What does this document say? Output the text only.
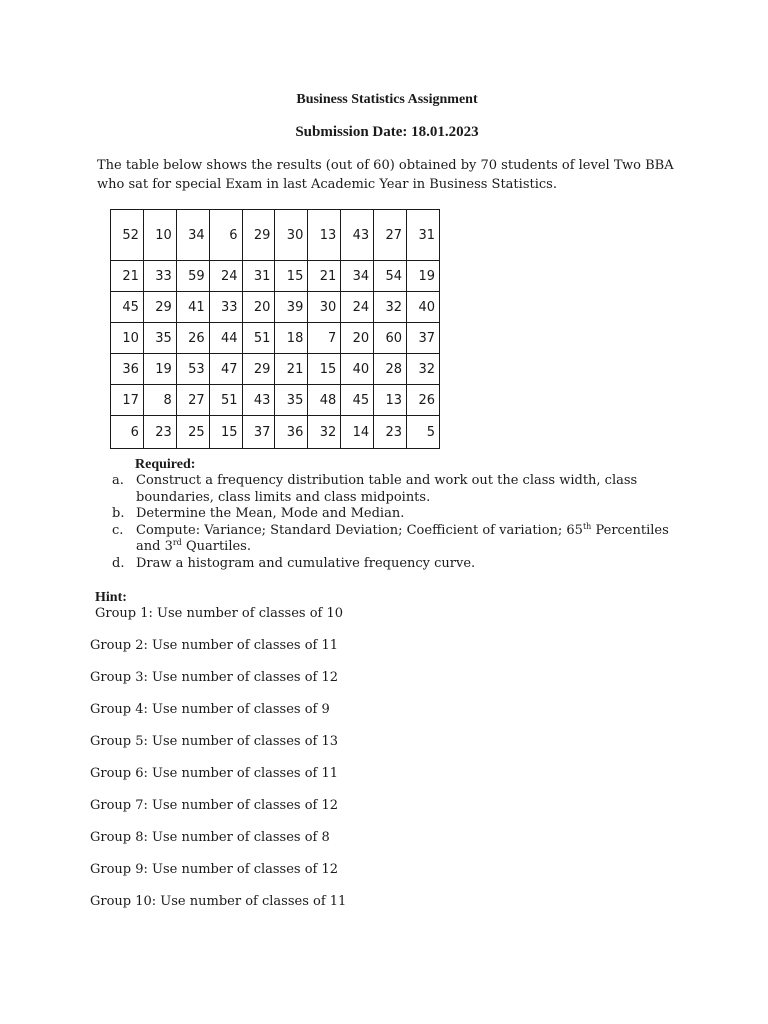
Business Statistics Assignment
Submission Date: 18.01.2023

The table below shows the results (out of 60) obtained by 70 students of level Two BBA who sat for special Exam in last Academic Year in Business Statistics.

52	10	34	6	29	30	13	43	27	31
21	33	59	24	31	15	21	34	54	19
45	29	41	33	20	39	30	24	32	40
10	35	26	44	51	18	7	20	60	37
36	19	53	47	29	21	15	40	28	32
17	8	27	51	43	35	48	45	13	26
6	23	25	15	37	36	32	14	23	5

Required:

a. Construct a frequency distribution table and work out the class width, class boundaries, class limits and class midpoints.
b. Determine the Mean, Mode and Median.
c. Compute: Variance; Standard Deviation; Coefficient of variation; 65th Percentiles and 3rd Quartiles.
d. Draw a histogram and cumulative frequency curve.

Hint:

Group 1: Use number of classes of 10

Group 2: Use number of classes of 11

Group 3: Use number of classes of 12

Group 4: Use number of classes of 9

Group 5: Use number of classes of 13

Group 6: Use number of classes of 11

Group 7: Use number of classes of 12

Group 8: Use number of classes of 8

Group 9: Use number of classes of 12

Group 10: Use number of classes of 11
